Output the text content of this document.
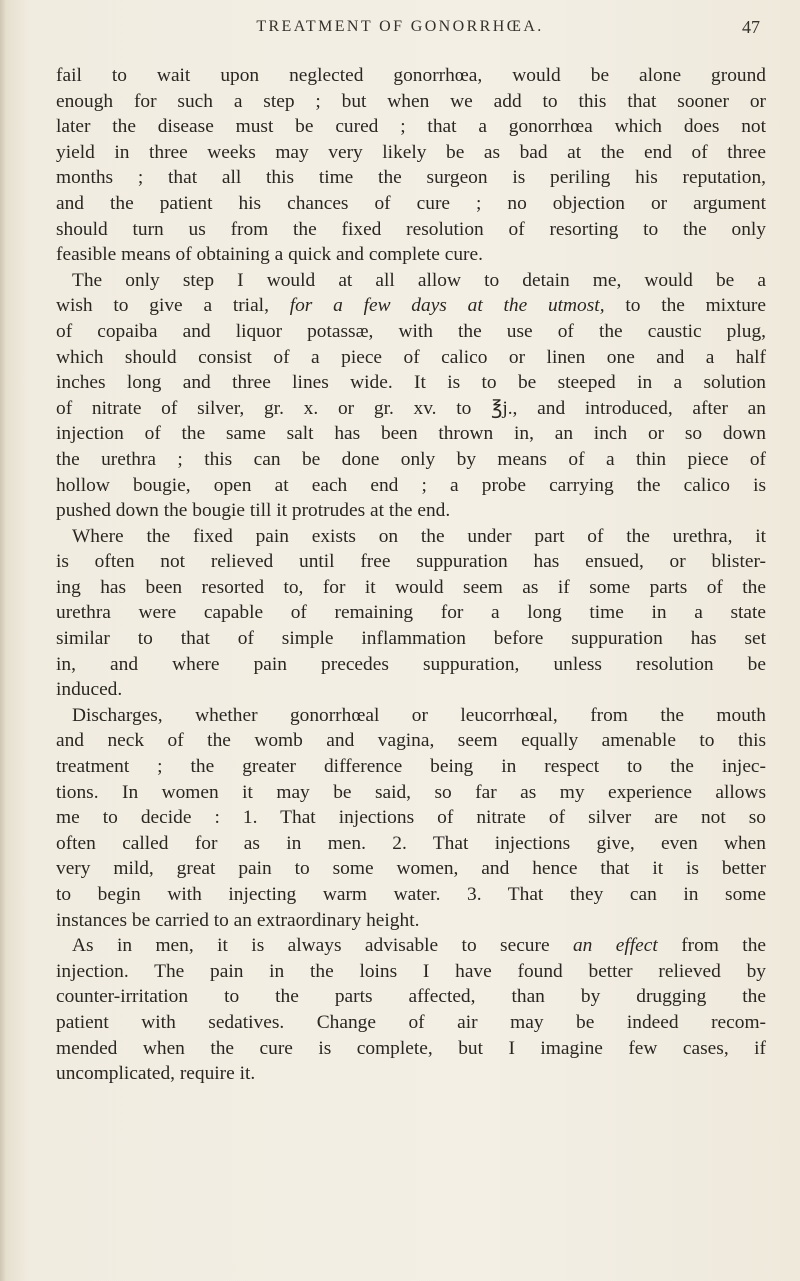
TREATMENT OF GONORRHŒA.	47
fail to wait upon neglected gonorrhœa, would be alone ground
enough for such a step ; but when we add to this that sooner or
later the disease must be cured ; that a gonorrhœa which does not
yield in three weeks may very likely be as bad at the end of three
months ; that all this time the surgeon is periling his reputation,
and the patient his chances of cure ; no objection or argument
should turn us from the fixed resolution of resorting to the only
feasible means of obtaining a quick and complete cure.
The only step I would at all allow to detain me, would be a
wish to give a trial, for a few days at the utmost, to the mixture
of copaiba and liquor potassæ, with the use of the caustic plug,
which should consist of a piece of calico or linen one and a half
inches long and three lines wide. It is to be steeped in a solution
of nitrate of silver, gr. x. or gr. xv. to ℥j., and introduced, after an
injection of the same salt has been thrown in, an inch or so down
the urethra ; this can be done only by means of a thin piece of
hollow bougie, open at each end ; a probe carrying the calico is
pushed down the bougie till it protrudes at the end.
Where the fixed pain exists on the under part of the urethra, it
is often not relieved until free suppuration has ensued, or blister-
ing has been resorted to, for it would seem as if some parts of the
urethra were capable of remaining for a long time in a state
similar to that of simple inflammation before suppuration has set
in, and where pain precedes suppuration, unless resolution be
induced.
Discharges, whether gonorrhœal or leucorrhœal, from the mouth
and neck of the womb and vagina, seem equally amenable to this
treatment ; the greater difference being in respect to the injec-
tions. In women it may be said, so far as my experience allows
me to decide : 1. That injections of nitrate of silver are not so
often called for as in men. 2. That injections give, even when
very mild, great pain to some women, and hence that it is better
to begin with injecting warm water. 3. That they can in some
instances be carried to an extraordinary height.
As in men, it is always advisable to secure an effect from the
injection. The pain in the loins I have found better relieved by
counter-irritation to the parts affected, than by drugging the
patient with sedatives. Change of air may be indeed recom-
mended when the cure is complete, but I imagine few cases, if
uncomplicated, require it.
